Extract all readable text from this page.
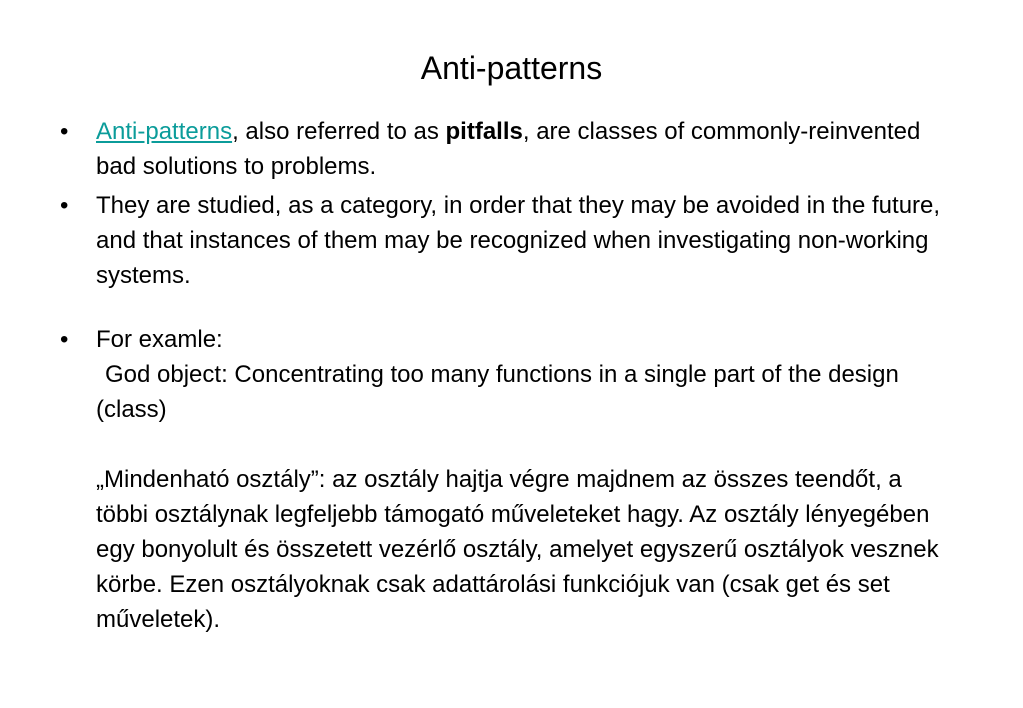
Anti-patterns
•	Anti-patterns, also referred to as pitfalls, are classes of commonly-reinvented bad solutions to problems.
•	They are studied, as a category, in order that they may be avoided in the future, and that instances of them may be recognized when investigating non-working systems.
•	For examle:
God object: Concentrating too many functions in a single part of the design (class)
„Mindenható osztály”: az osztály hajtja végre majdnem az összes teendőt, a többi osztálynak legfeljebb támogató műveleteket hagy. Az osztály lényegében egy bonyolult és összetett vezérlő osztály, amelyet egyszerű osztályok vesznek körbe. Ezen osztályoknak csak adattárolási funkciójuk van (csak get és set műveletek).
